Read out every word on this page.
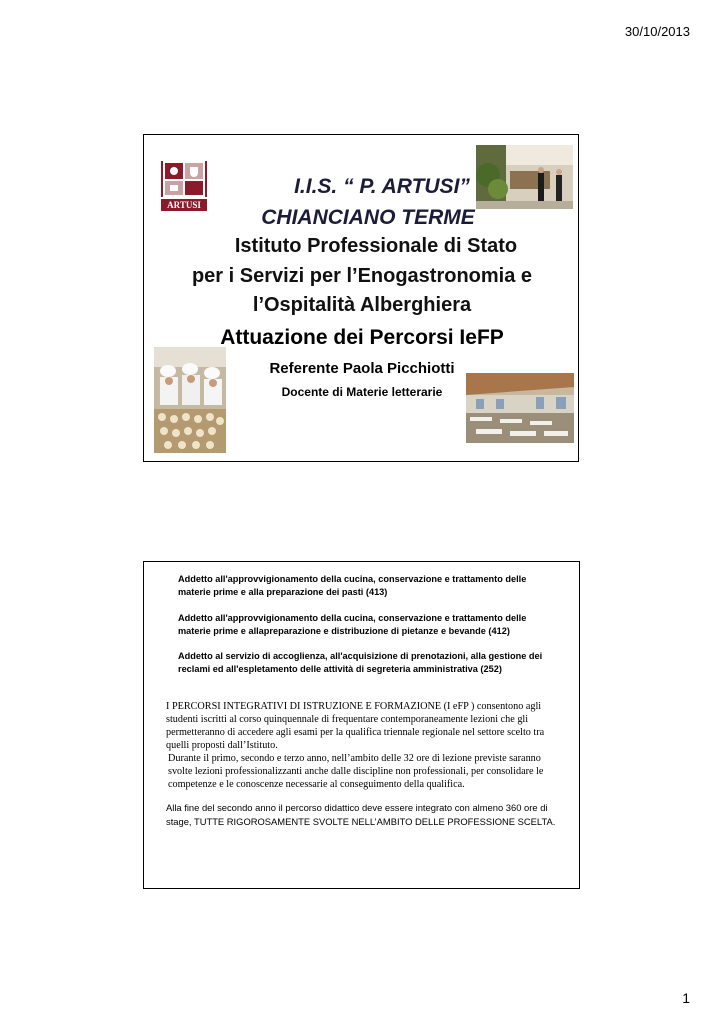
30/10/2013
ARTUSI
I.I.S. “ P. ARTUSI”
CHIANCIANO TERME
Istituto Professionale di Stato
per i Servizi per l’Enogastronomia e
l’Ospitalità Alberghiera
Attuazione dei Percorsi IeFP
Referente Paola Picchiotti
Docente di Materie letterarie
Addetto all'approvvigionamento della cucina, conservazione e trattamento delle materie prime e alla preparazione dei pasti (413)
Addetto all'approvvigionamento della cucina, conservazione e trattamento delle materie prime e allapreparazione e distribuzione di pietanze e bevande (412)
Addetto al servizio di accoglienza, all'acquisizione di prenotazioni, alla gestione dei reclami ed all'espletamento delle attività di segreteria amministrativa (252)
I PERCORSI INTEGRATIVI DI ISTRUZIONE E FORMAZIONE (I eFP ) consentono agli studenti iscritti al corso quinquennale di frequentare contemporaneamente lezioni che gli permetteranno di accedere agli esami per la qualifica triennale regionale nel settore scelto tra quelli proposti dall’Istituto.
Durante il primo, secondo e terzo anno, nell’ambito delle 32 ore di lezione previste saranno svolte lezioni professionalizzanti anche dalle discipline non professionali, per consolidare le competenze e le conoscenze necessarie al conseguimento della qualifica.
Alla fine del secondo anno il percorso didattico deve essere integrato con almeno 360 ore di stage, TUTTE RIGOROSAMENTE SVOLTE NELL’AMBITO DELLE PROFESSIONE SCELTA.
1
